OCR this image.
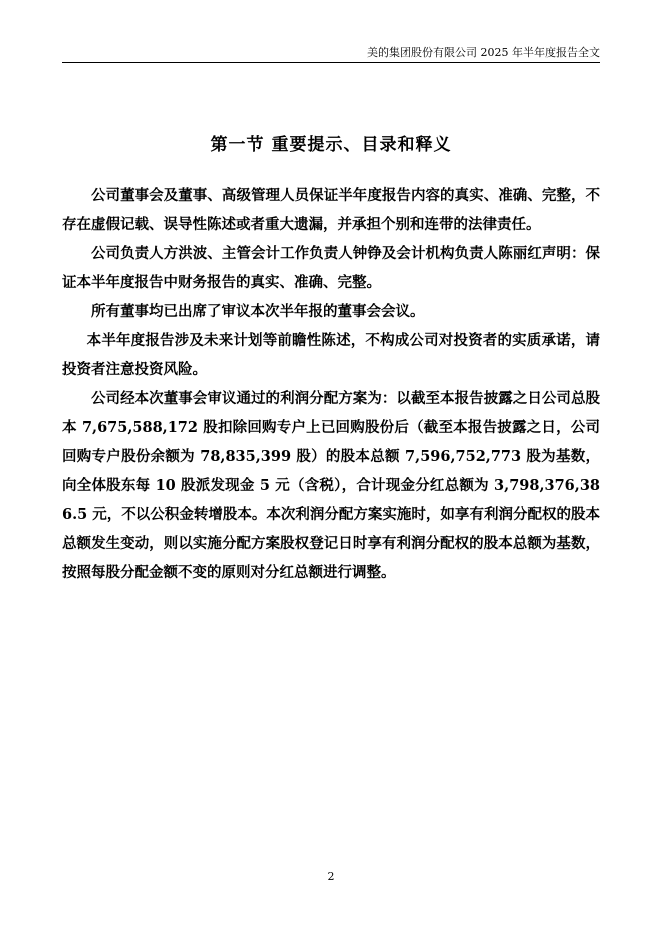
美的集团股份有限公司 2025 年半年度报告全文
第一节 重要提示、目录和释义

公司董事会及董事、高级管理人员保证半年度报告内容的真实、准确、完整，不存在虚假记载、误导性陈述或者重大遗漏，并承担个别和连带的法律责任。

公司负责人方洪波、主管会计工作负责人钟铮及会计机构负责人陈丽红声明：保证本半年度报告中财务报告的真实、准确、完整。

所有董事均已出席了审议本次半年报的董事会会议。

本半年度报告涉及未来计划等前瞻性陈述，不构成公司对投资者的实质承诺，请投资者注意投资风险。

公司经本次董事会审议通过的利润分配方案为：以截至本报告披露之日公司总股本 7,675,588,172 股扣除回购专户上已回购股份后（截至本报告披露之日，公司回购专户股份余额为 78,835,399 股）的股本总额 7,596,752,773 股为基数，向全体股东每 10 股派发现金 5 元（含税），合计现金分红总额为 3,798,376,386.5 元，不以公积金转增股本。本次利润分配方案实施时，如享有利润分配权的股本总额发生变动，则以实施分配方案股权登记日时享有利润分配权的股本总额为基数，按照每股分配金额不变的原则对分红总额进行调整。

2
